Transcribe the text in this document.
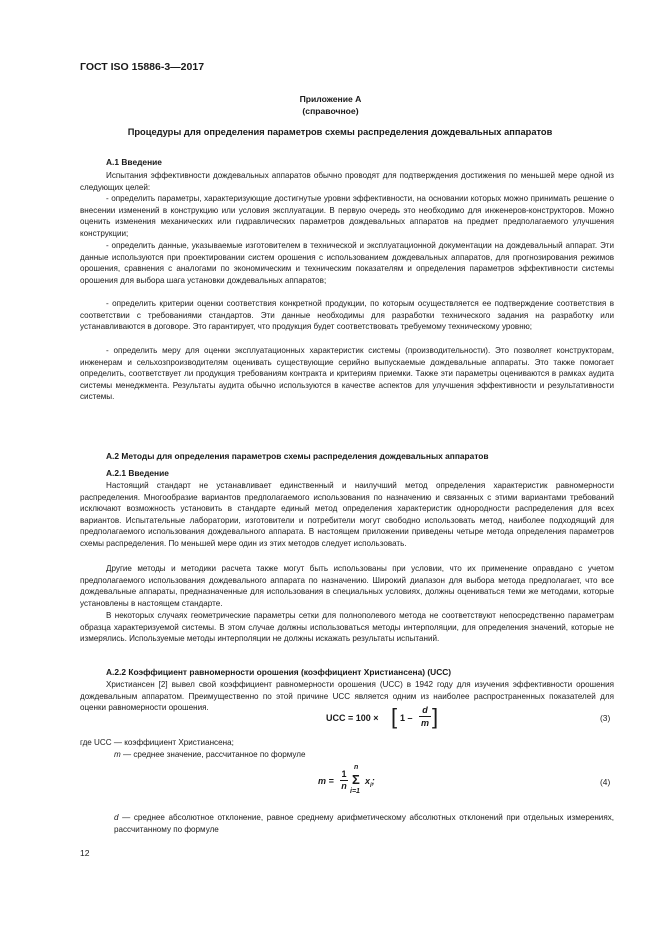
ГОСТ ISO 15886-3—2017
Приложение А
(справочное)
Процедуры для определения параметров схемы распределения дождевальных аппаратов
А.1 Введение
Испытания эффективности дождевальных аппаратов обычно проводят для подтверждения достижения по меньшей мере одной из следующих целей:
- определить параметры, характеризующие достигнутые уровни эффективности, на основании которых можно принимать решение о внесении изменений в конструкцию или условия эксплуатации. В первую очередь это необходимо для инженеров-конструкторов. Можно оценить изменения механических или гидравлических параметров дождевальных аппаратов на предмет предполагаемого улучшения конструкции;
- определить данные, указываемые изготовителем в технической и эксплуатационной документации на дождевальный аппарат. Эти данные используются при проектировании систем орошения с использованием дождевальных аппаратов, для прогнозирования режимов орошения, сравнения с аналогами по экономическим и техническим показателям и определения параметров эффективности системы орошения для выбора шага установки дождевальных аппаратов;
- определить критерии оценки соответствия конкретной продукции, по которым осуществляется ее подтверждение соответствия в соответствии с требованиями стандартов. Эти данные необходимы для разработки технического задания на разработку или устанавливаются в договоре. Это гарантирует, что продукция будет соответствовать требуемому техническому уровню;
- определить меру для оценки эксплуатационных характеристик системы (производительности). Это позволяет конструкторам, инженерам и сельхозпроизводителям оценивать существующие серийно выпускаемые дождевальные аппараты. Это также помогает определить, соответствует ли продукция требованиям контракта и критериям приемки. Также эти параметры оцениваются в рамках аудита системы менеджмента. Результаты аудита обычно используются в качестве аспектов для улучшения эффективности и результативности системы.
А.2 Методы для определения параметров схемы распределения дождевальных аппаратов
А.2.1 Введение
Настоящий стандарт не устанавливает единственный и наилучший метод определения характеристик равномерности распределения. Многообразие вариантов предполагаемого использования по назначению и связанных с этими вариантами требований исключают возможность установить в стандарте единый метод определения характеристик однородности распределения для всех вариантов. Испытательные лаборатории, изготовители и потребители могут свободно использовать метод, наиболее подходящий для предполагаемого использования дождевального аппарата. В настоящем приложении приведены четыре метода определения параметров схемы распределения. По меньшей мере один из этих методов следует использовать.
Другие методы и методики расчета также могут быть использованы при условии, что их применение оправдано с учетом предполагаемого использования дождевального аппарата по назначению. Широкий диапазон для выбора метода предполагает, что все дождевальные аппараты, предназначенные для использования в специальных условиях, должны оцениваться теми же методами, которые установлены в настоящем стандарте.
В некоторых случаях геометрические параметры сетки для полнополевого метода не соответствуют непосредственно параметрам образца характеризуемой системы. В этом случае должны использоваться методы интерполяции, для определения значений, которые не измерялись. Используемые методы интерполяции не должны искажать результаты испытаний.
А.2.2 Коэффициент равномерности орошения (коэффициент Христиансена) (UCC)
Христиансен [2] вывел свой коэффициент равномерности орошения (UCC) в 1942 году для изучения эффективности орошения дождевальным аппаратом. Преимущественно по этой причине UCC является одним из наиболее распространенных показателей для оценки равномерности орошения.
UCC = 100 × [ $1 - \frac{d}{m}$ ]	(3)
где UCC — коэффициент Христиансена;
m — среднее значение, рассчитанное по формуле
$m = \frac{1}{n}$
n
Σ
i=1
$x_i$;	(4)
d — среднее абсолютное отклонение, равное среднему арифметическому абсолютных отклонений при отдельных измерениях, рассчитанному по формуле
12
